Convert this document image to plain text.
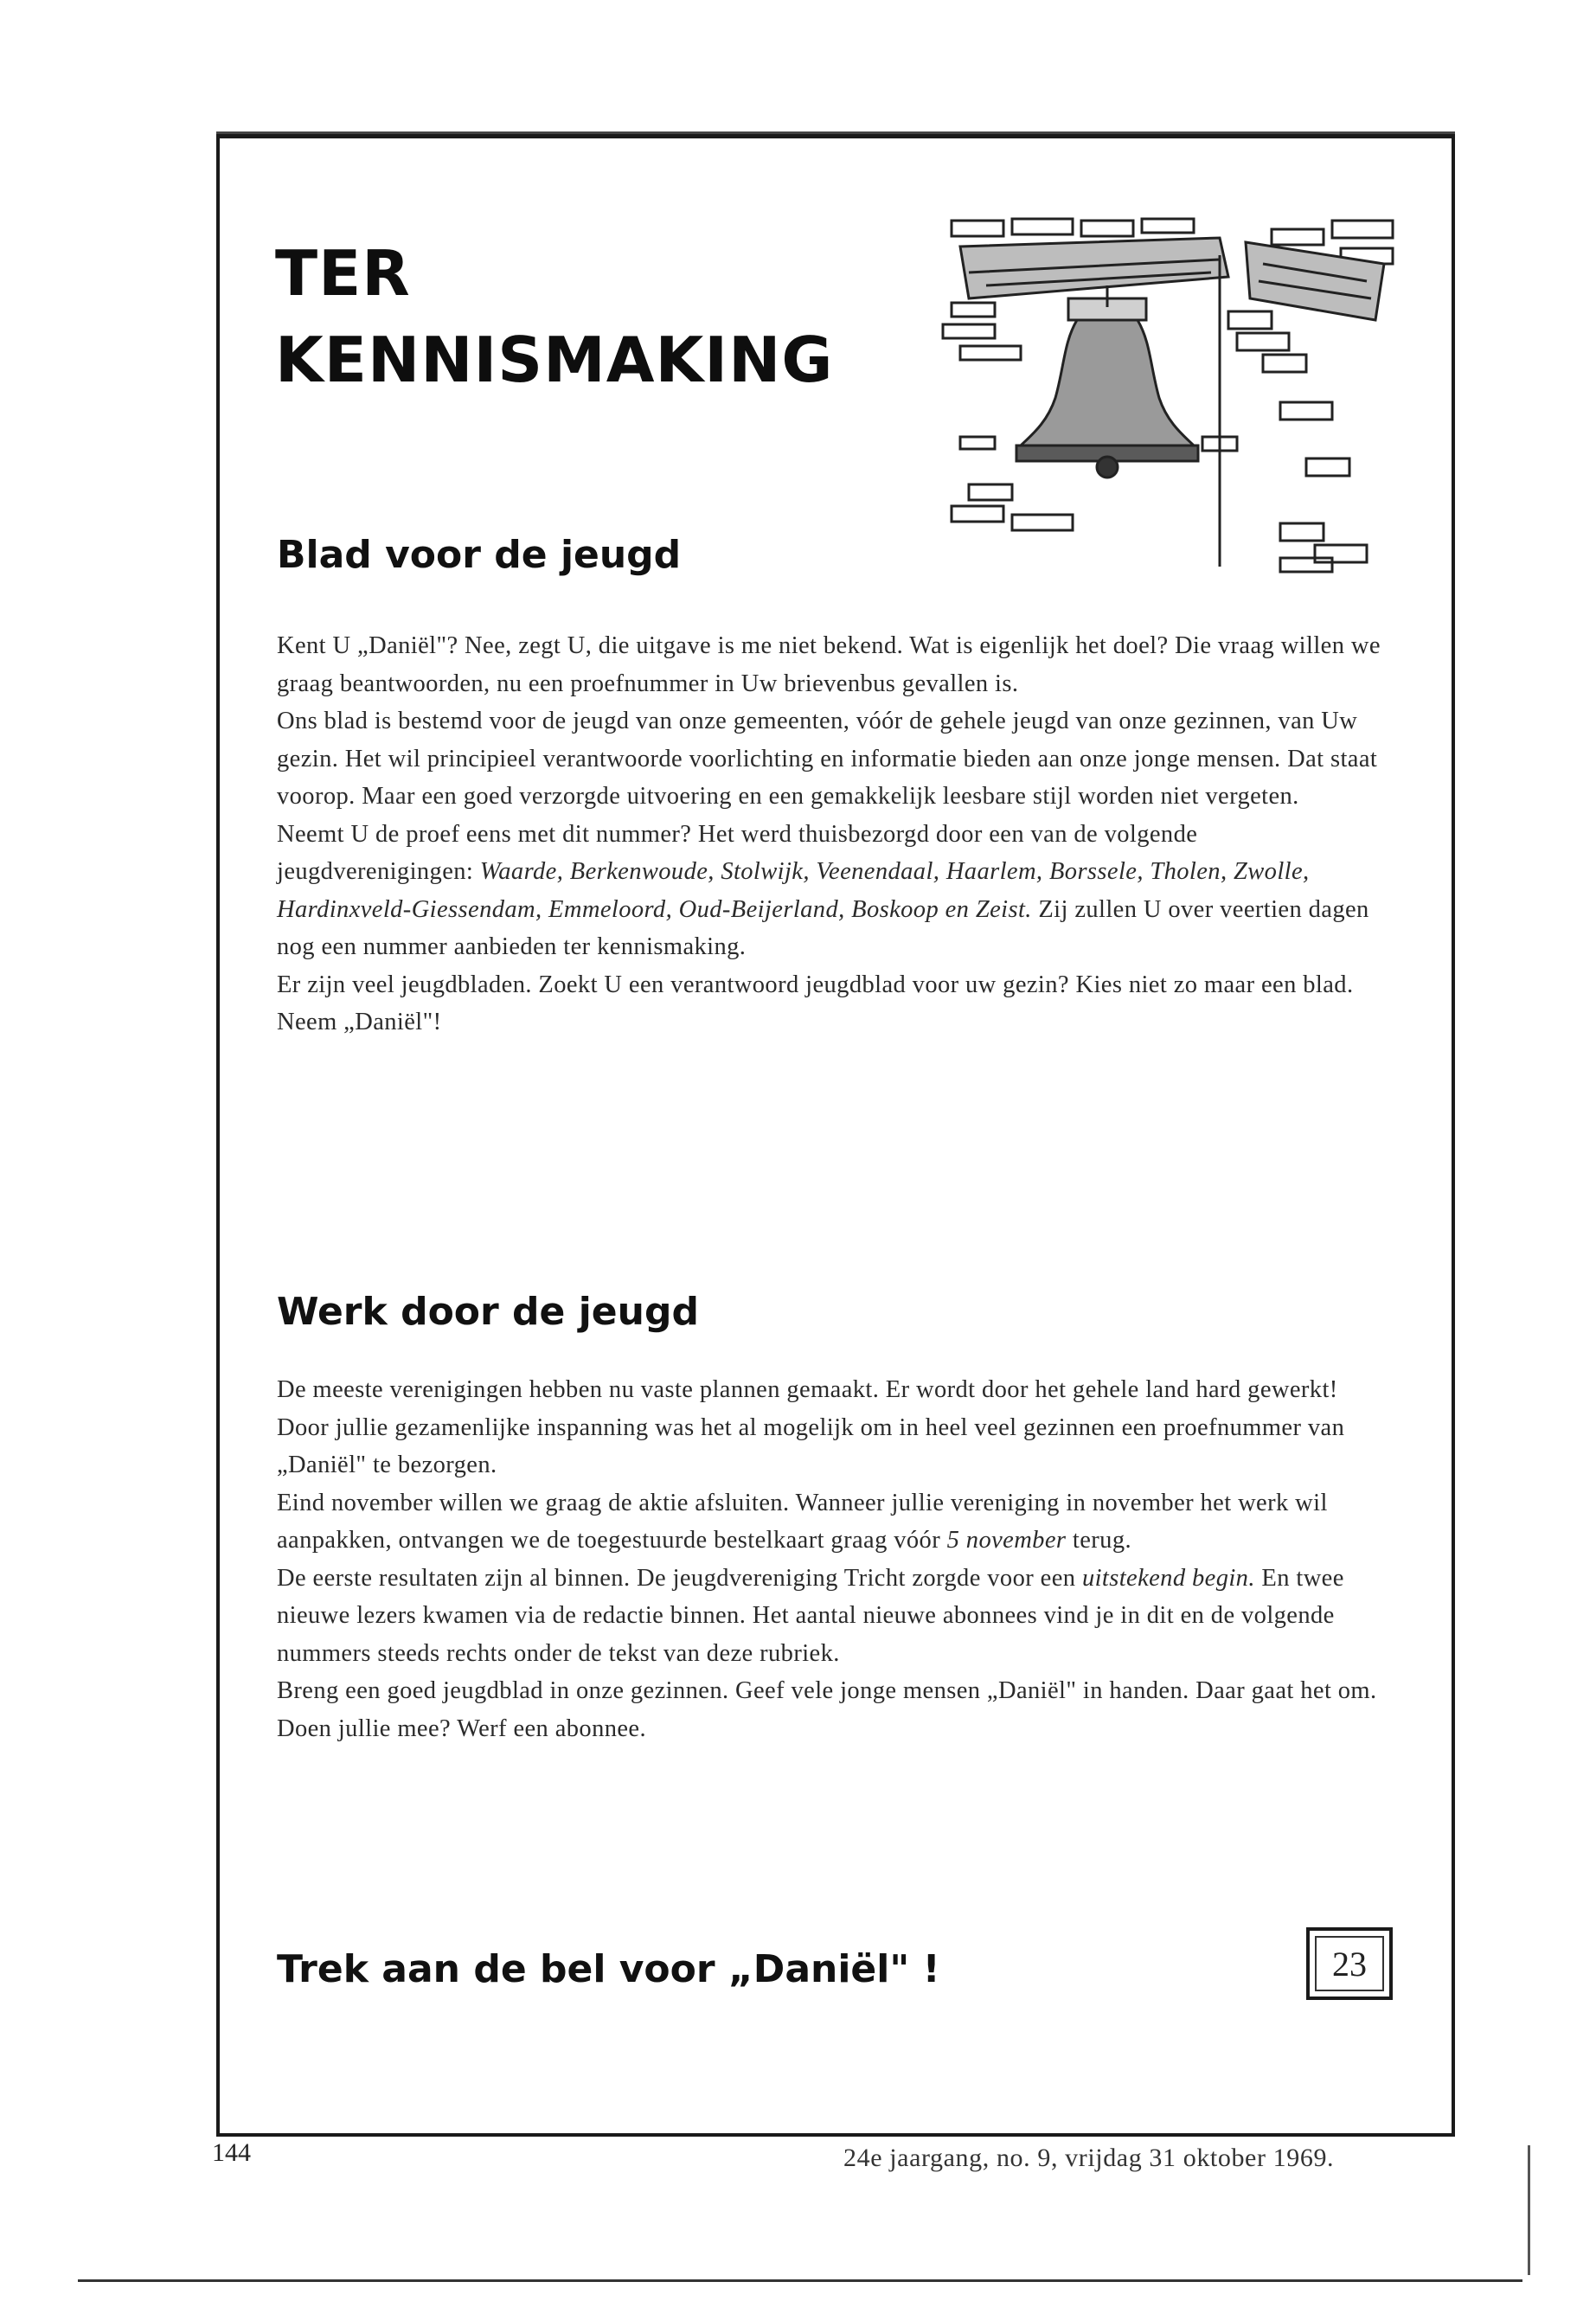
TER
KENNISMAKING
Blad voor de jeugd

Kent U „Daniël"? Nee, zegt U, die uitgave is me niet bekend. Wat is eigenlijk het doel? Die vraag willen we graag beantwoorden, nu een proefnummer in Uw brievenbus gevallen is.

Ons blad is bestemd voor de jeugd van onze gemeenten, vóór de gehele jeugd van onze gezinnen, van Uw gezin. Het wil principieel verantwoorde voorlichting en informatie bieden aan onze jonge mensen. Dat staat voorop. Maar een goed verzorgde uitvoering en een gemakkelijk leesbare stijl worden niet vergeten.

Neemt U de proef eens met dit nummer? Het werd thuisbezorgd door een van de volgende jeugdverenigingen: Waarde, Berkenwoude, Stolwijk, Veenendaal, Haarlem, Borssele, Tholen, Zwolle, Hardinxveld-Giessendam, Emmeloord, Oud-Beijerland, Boskoop en Zeist. Zij zullen U over veertien dagen nog een nummer aanbieden ter kennismaking.

Er zijn veel jeugdbladen. Zoekt U een verantwoord jeugdblad voor uw gezin? Kies niet zo maar een blad. Neem „Daniël"!

Werk door de jeugd

De meeste verenigingen hebben nu vaste plannen gemaakt. Er wordt door het gehele land hard gewerkt! Door jullie gezamenlijke inspanning was het al mogelijk om in heel veel gezinnen een proefnummer van „Daniël" te bezorgen.

Eind november willen we graag de aktie afsluiten. Wanneer jullie vereniging in november het werk wil aanpakken, ontvangen we de toegestuurde bestelkaart graag vóór 5 november terug.

De eerste resultaten zijn al binnen. De jeugdvereniging Tricht zorgde voor een uitstekend begin. En twee nieuwe lezers kwamen via de redactie binnen. Het aantal nieuwe abonnees vind je in dit en de volgende nummers steeds rechts onder de tekst van deze rubriek.

Breng een goed jeugdblad in onze gezinnen. Geef vele jonge mensen „Daniël" in handen. Daar gaat het om. Doen jullie mee? Werf een abonnee.

Trek aan de bel voor „Daniël" !	23
144	24e jaargang, no. 9, vrijdag 31 oktober 1969.
